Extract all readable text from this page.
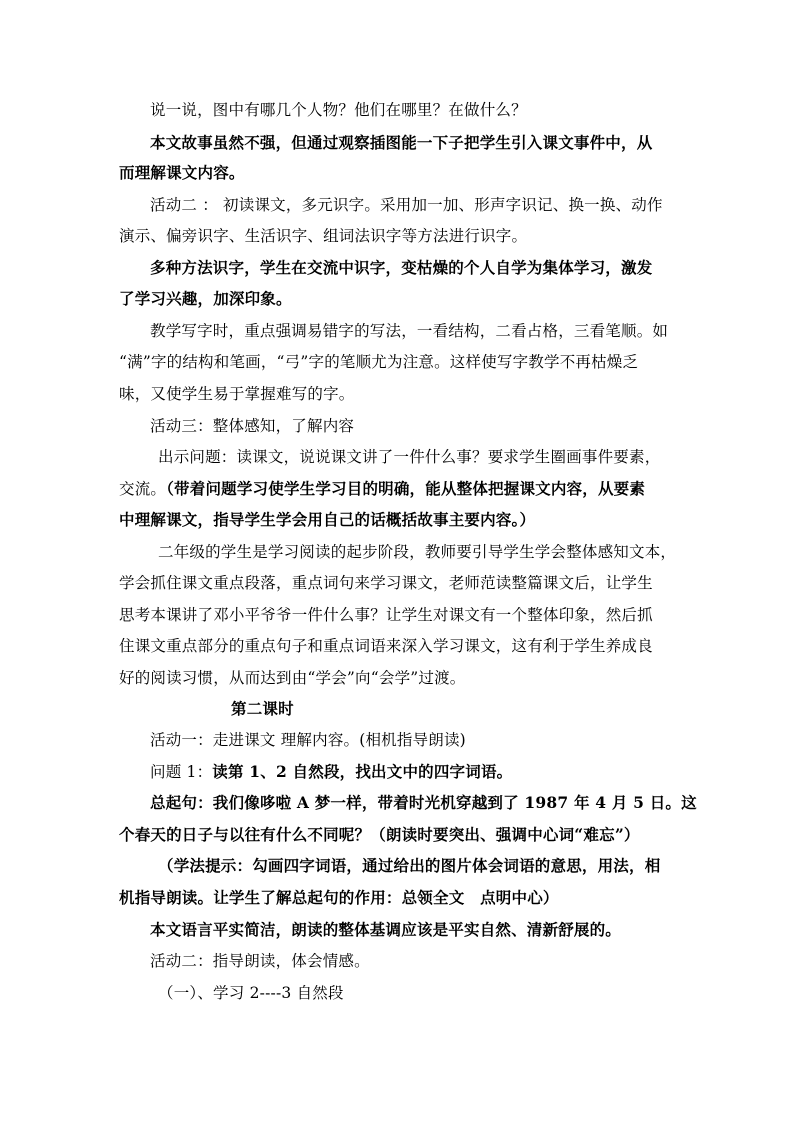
说一说，图中有哪几个人物？他们在哪里？在做什么？
本文故事虽然不强，但通过观察插图能一下子把学生引入课文事件中，从
而理解课文内容。
活动二 ： 初读课文，多元识字。采用加一加、形声字识记、换一换、动作
演示、偏旁识字、生活识字、组词法识字等方法进行识字。
多种方法识字，学生在交流中识字，变枯燥的个人自学为集体学习，激发
了学习兴趣，加深印象。
教学写字时，重点强调易错字的写法，一看结构，二看占格，三看笔顺。如
“满”字的结构和笔画，“弓”字的笔顺尤为注意。这样使写字教学不再枯燥乏
味，又使学生易于掌握难写的字。
活动三：整体感知，了解内容
出示问题：读课文，说说课文讲了一件什么事？要求学生圈画事件要素，
交流。（带着问题学习使学生学习目的明确，能从整体把握课文内容，从要素
中理解课文，指导学生学会用自己的话概括故事主要内容。）
二年级的学生是学习阅读的起步阶段，教师要引导学生学会整体感知文本，
学会抓住课文重点段落，重点词句来学习课文，老师范读整篇课文后，让学生
思考本课讲了邓小平爷爷一件什么事？让学生对课文有一个整体印象，然后抓
住课文重点部分的重点句子和重点词语来深入学习课文，这有利于学生养成良
好的阅读习惯，从而达到由“学会”向“会学”过渡。
第二课时
活动一：走进课文 理解内容。(相机指导朗读)
问题 1：读第 1、2 自然段，找出文中的四字词语。
总起句：我们像哆啦 A 梦一样，带着时光机穿越到了 1987 年 4 月 5 日。这
个春天的日子与以往有什么不同呢？（朗读时要突出、强调中心词“难忘”）
（学法提示：勾画四字词语，通过给出的图片体会词语的意思，用法，相
机指导朗读。让学生了解总起句的作用：总领全文　点明中心）
本文语言平实简洁，朗读的整体基调应该是平实自然、清新舒展的。
活动二：指导朗读，体会情感。
（一）、学习 2----3 自然段
